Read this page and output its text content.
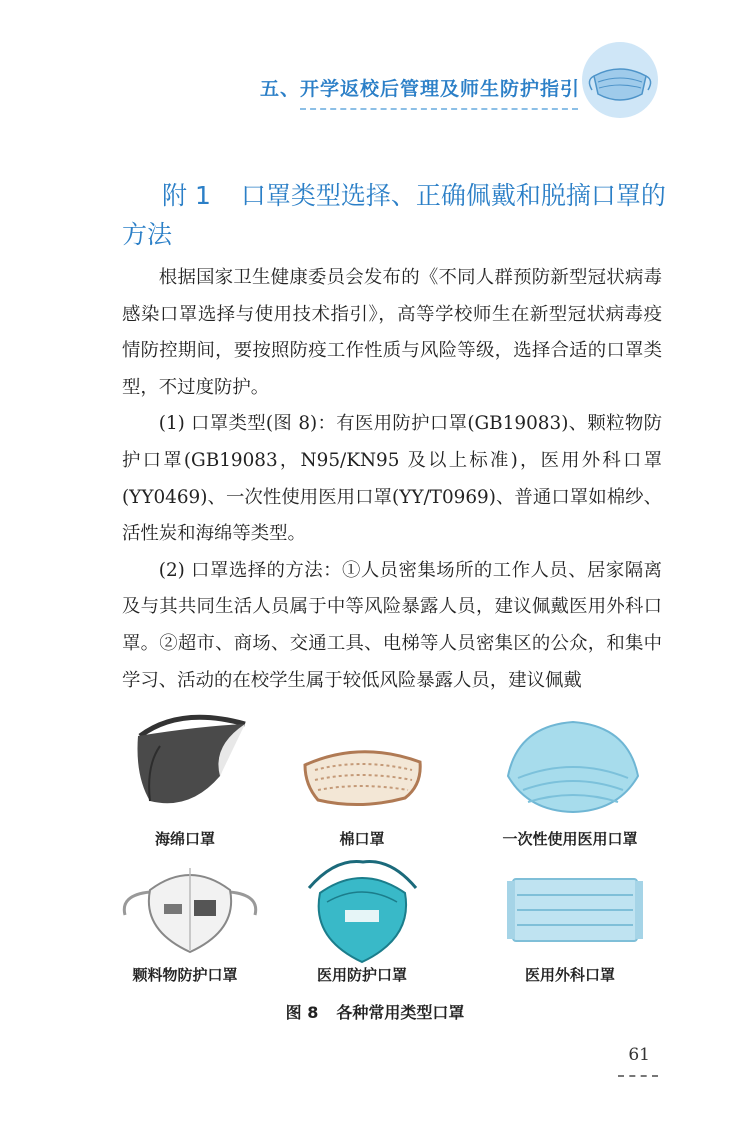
五、开学返校后管理及师生防护指引
附 1 口罩类型选择、正确佩戴和脱摘口罩的方法

根据国家卫生健康委员会发布的《不同人群预防新型冠状病毒感染口罩选择与使用技术指引》，高等学校师生在新型冠状病毒疫情防控期间，要按照防疫工作性质与风险等级，选择合适的口罩类型，不过度防护。

(1) 口罩类型(图 8)：有医用防护口罩(GB19083)、颗粒物防护口罩(GB19083，N95/KN95 及以上标准)，医用外科口罩(YY0469)、一次性使用医用口罩(YY/T0969)、普通口罩如棉纱、活性炭和海绵等类型。

(2) 口罩选择的方法：①人员密集场所的工作人员、居家隔离及与其共同生活人员属于中等风险暴露人员，建议佩戴医用外科口罩。②超市、商场、交通工具、电梯等人员密集区的公众，和集中学习、活动的在校学生属于较低风险暴露人员，建议佩戴

海绵口罩	棉口罩	一次性使用医用口罩
颗料物防护口罩	医用防护口罩	医用外科口罩
图 8 各种常用类型口罩
61
